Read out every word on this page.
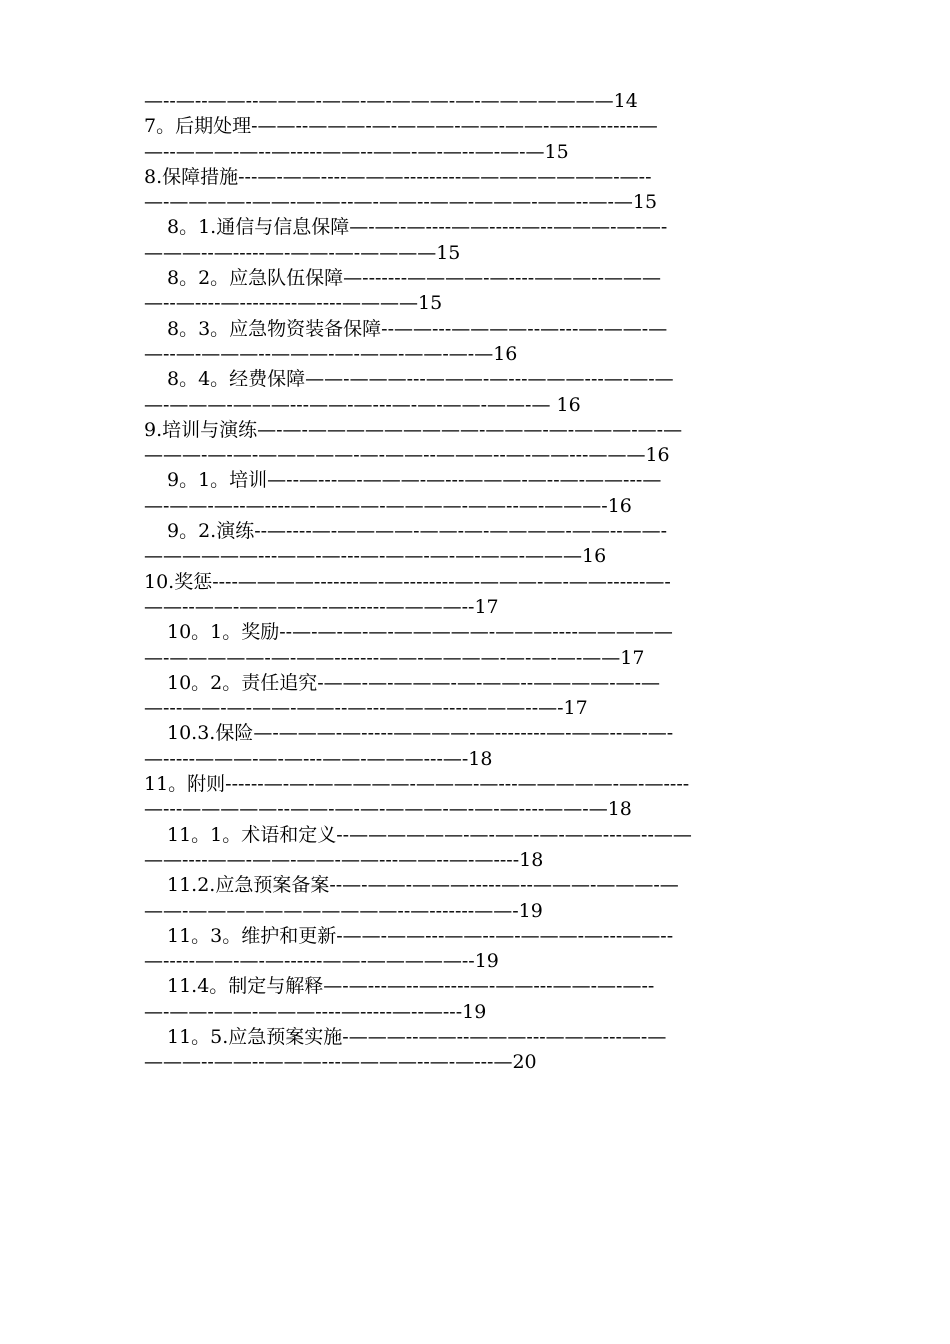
—--—--——--———-——-—-———-—-———————14
7。后期处理-——--———-—-———-——-——-—--—------—
—--———-—--—-----——--——-—-—--—-—-—15
8.保障措施---—-——----———---------————————-—--
—-————-——-—-—--—-——--——-———-——--—-—15
8。1.通信与信息保障—-—--—----——-----—--———-—-—-
———--—-----—-——-—-————15
8。2。应急队伍保障—-------————-—----———--———
—--—----—---------—----————15
8。3。应急物资装备保障--——---————--—---—-——-—
—--—-———--———-—-——-——-—-—16
8。4。经费保障——-———---———-—---———---—-—-—
—-———-———---——-—---—-—-——-——-— 16
9.培训与演练—-—-—————————-———-—-———-—-—
———-—-—-—————-—-——--———--—-——---———16
9。1。培训—--—---—-———-—---———-—--—-——---—
—-——-—--—----—-—-——-————-——--—-———-16
9。2.演练--—----—-————-——-—-————-——--——-
——————---——-—---—-——-—-—-——-———16
10.奖惩----————-------—-—--------—-———-—-——------—-
——--——-———-—-—------————--17
10。1。奖励--—-—-—-—-—————-———----—————
—-—————-—-——-------——-————-—-—-—-——17
10。2。责任追究-——-—-———-—-——--————-—-—
—---——-—-——-——--—---———----———--—-17
10.3.保险—-———-—-----————-—--------—-——--—-—-
—-----———-—-—---——-———---—-18
11。附则------—-—-—————-———-—---—————-—-—----
—---—————--——-—-—-———-—-—-—----——-—18
11。1。术语和定义--——————-—-——-—-——---—--——
——----——-——-——-——---——--—-—----18
11.2.应急预案备案--—-——-———-----—--———-———-—
——-———————————--—-------——-19
11。3。维护和更新-——-——---——--—-———-—---——--
—-----——-—-—------——-—————--19
11.4。制定与解释—-—---—--—-----—-——---——-—-—--
—-——-——-———----—-----—--—---19
11。5.应急预案实施-———--——--———---———---—-—
———--——--———---————--—-—---—20
